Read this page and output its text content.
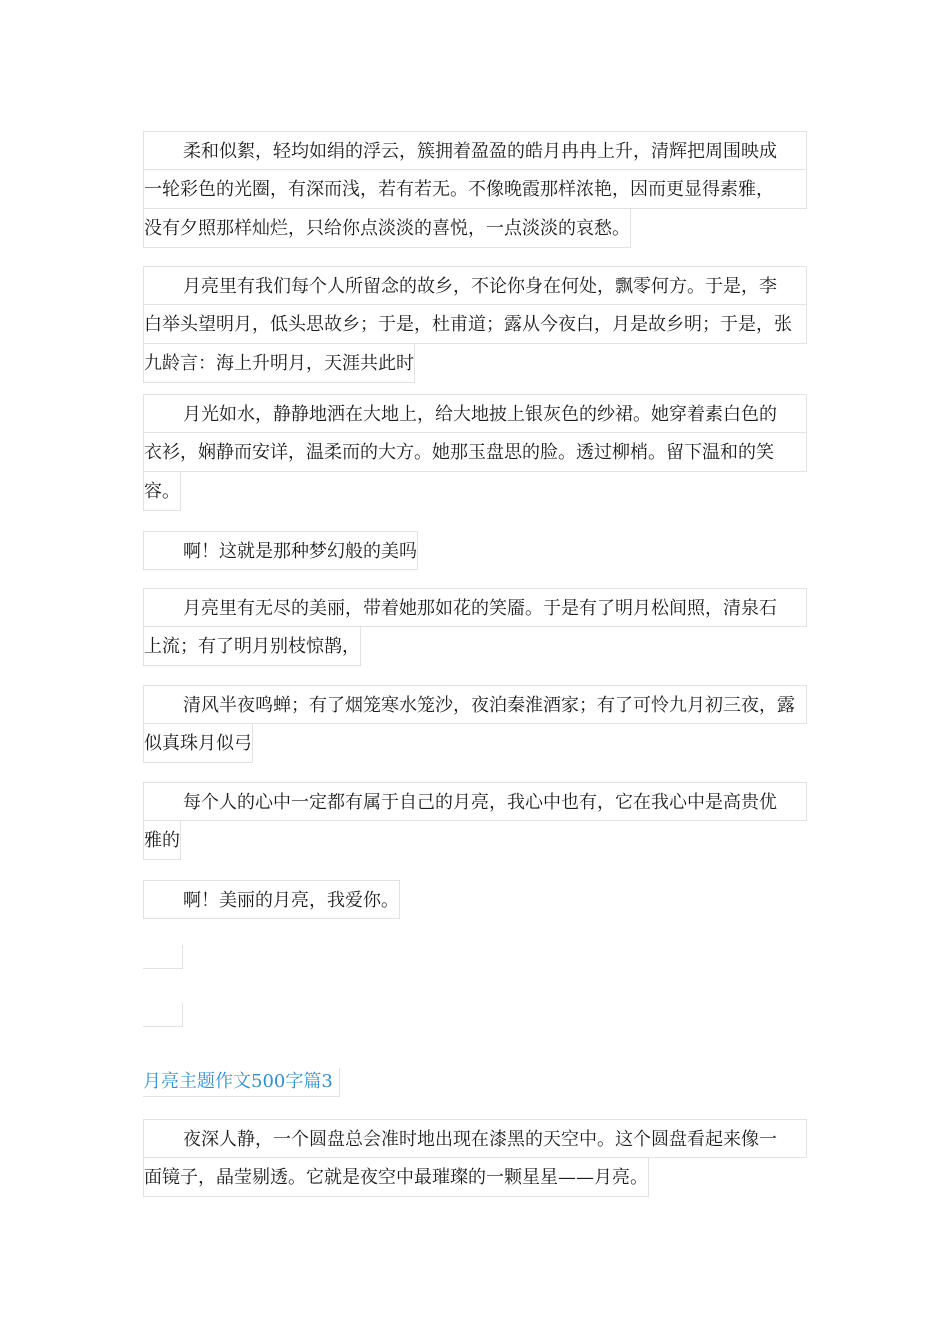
柔和似絮，轻均如绢的浮云，簇拥着盈盈的皓月冉冉上升，清辉把周围映成
一轮彩色的光圈，有深而浅，若有若无。不像晚霞那样浓艳，因而更显得素雅，
没有夕照那样灿烂，只给你点淡淡的喜悦，一点淡淡的哀愁。
月亮里有我们每个人所留念的故乡，不论你身在何处，飘零何方。于是，李
白举头望明月，低头思故乡；于是，杜甫道；露从今夜白，月是故乡明；于是，张
九龄言：海上升明月，天涯共此时
月光如水，静静地洒在大地上，给大地披上银灰色的纱裙。她穿着素白色的
衣衫，娴静而安详，温柔而的大方。她那玉盘思的脸。透过柳梢。留下温和的笑
容。
啊！这就是那种梦幻般的美吗
月亮里有无尽的美丽，带着她那如花的笑靥。于是有了明月松间照，清泉石
上流；有了明月别枝惊鹊，
清风半夜鸣蝉；有了烟笼寒水笼沙，夜泊秦淮酒家；有了可怜九月初三夜，露
似真珠月似弓
每个人的心中一定都有属于自己的月亮，我心中也有，它在我心中是高贵优
雅的
啊！美丽的月亮，我爱你。
月亮主题作文500字篇3
夜深人静，一个圆盘总会准时地出现在漆黑的天空中。这个圆盘看起来像一
面镜子，晶莹剔透。它就是夜空中最璀璨的一颗星星——月亮。
